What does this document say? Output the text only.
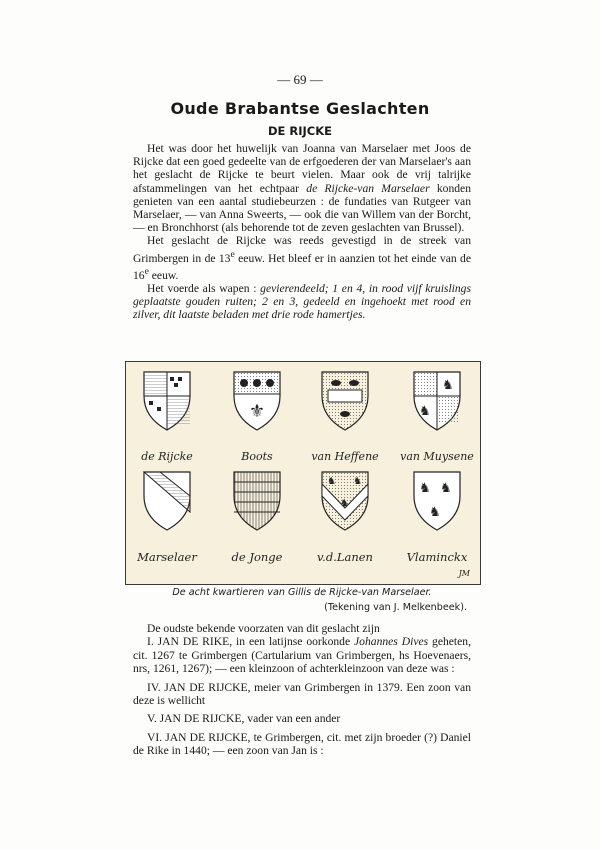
— 69 —
Oude Brabantse Geslachten
DE RIJCKE

Het was door het huwelijk van Joanna van Marselaer met Joos de Rijcke dat een goed gedeelte van de erfgoederen der van Marselaer's aan het geslacht de Rijcke te beurt vielen. Maar ook de vrij talrijke afstammelingen van het echtpaar de Rijcke-van Marselaer konden genieten van een aantal studiebeurzen : de fundaties van Rutgeer van Marselaer, — van Anna Sweerts, — ook die van Willem van der Borcht, — en Bronchhorst (als behorende tot de zeven geslachten van Brussel).

Het geslacht de Rijcke was reeds gevestigd in de streek van Grimbergen in de 13e eeuw. Het bleef er in aanzien tot het einde van de 16e eeuw.

Het voerde als wapen : gevierendeeld; 1 en 4, in rood vijf kruislings geplaatste gouden ruiten; 2 en 3, gedeeld en ingehoekt met rood en zilver, dit laatste beladen met drie rode hamertjes.

⚜
♞
♞
de Rijcke	Boots	van Heffene van Muysene
♞ ♞
♞
♞ ♞
♞
Marselaer	de Jonge	v.d.Lanen	Vlaminckx
JM
De acht kwartieren van Gillis de Rijcke-van Marselaer.
(Tekening van J. Melkenbeek).

De oudste bekende voorzaten van dit geslacht zijn

I. JAN DE RIKE, in een latijnse oorkonde Johannes Dives geheten, cit. 1267 te Grimbergen (Cartularium van Grimbergen, hs Hoevenaers, nrs, 1261, 1267); — een kleinzoon of achterkleinzoon van deze was :

IV. JAN DE RIJCKE, meier van Grimbergen in 1379. Een zoon van deze is wellicht

V. JAN DE RIJCKE, vader van een ander

VI. JAN DE RIJCKE, te Grimbergen, cit. met zijn broeder (?) Daniel de Rike in 1440; — een zoon van Jan is :
